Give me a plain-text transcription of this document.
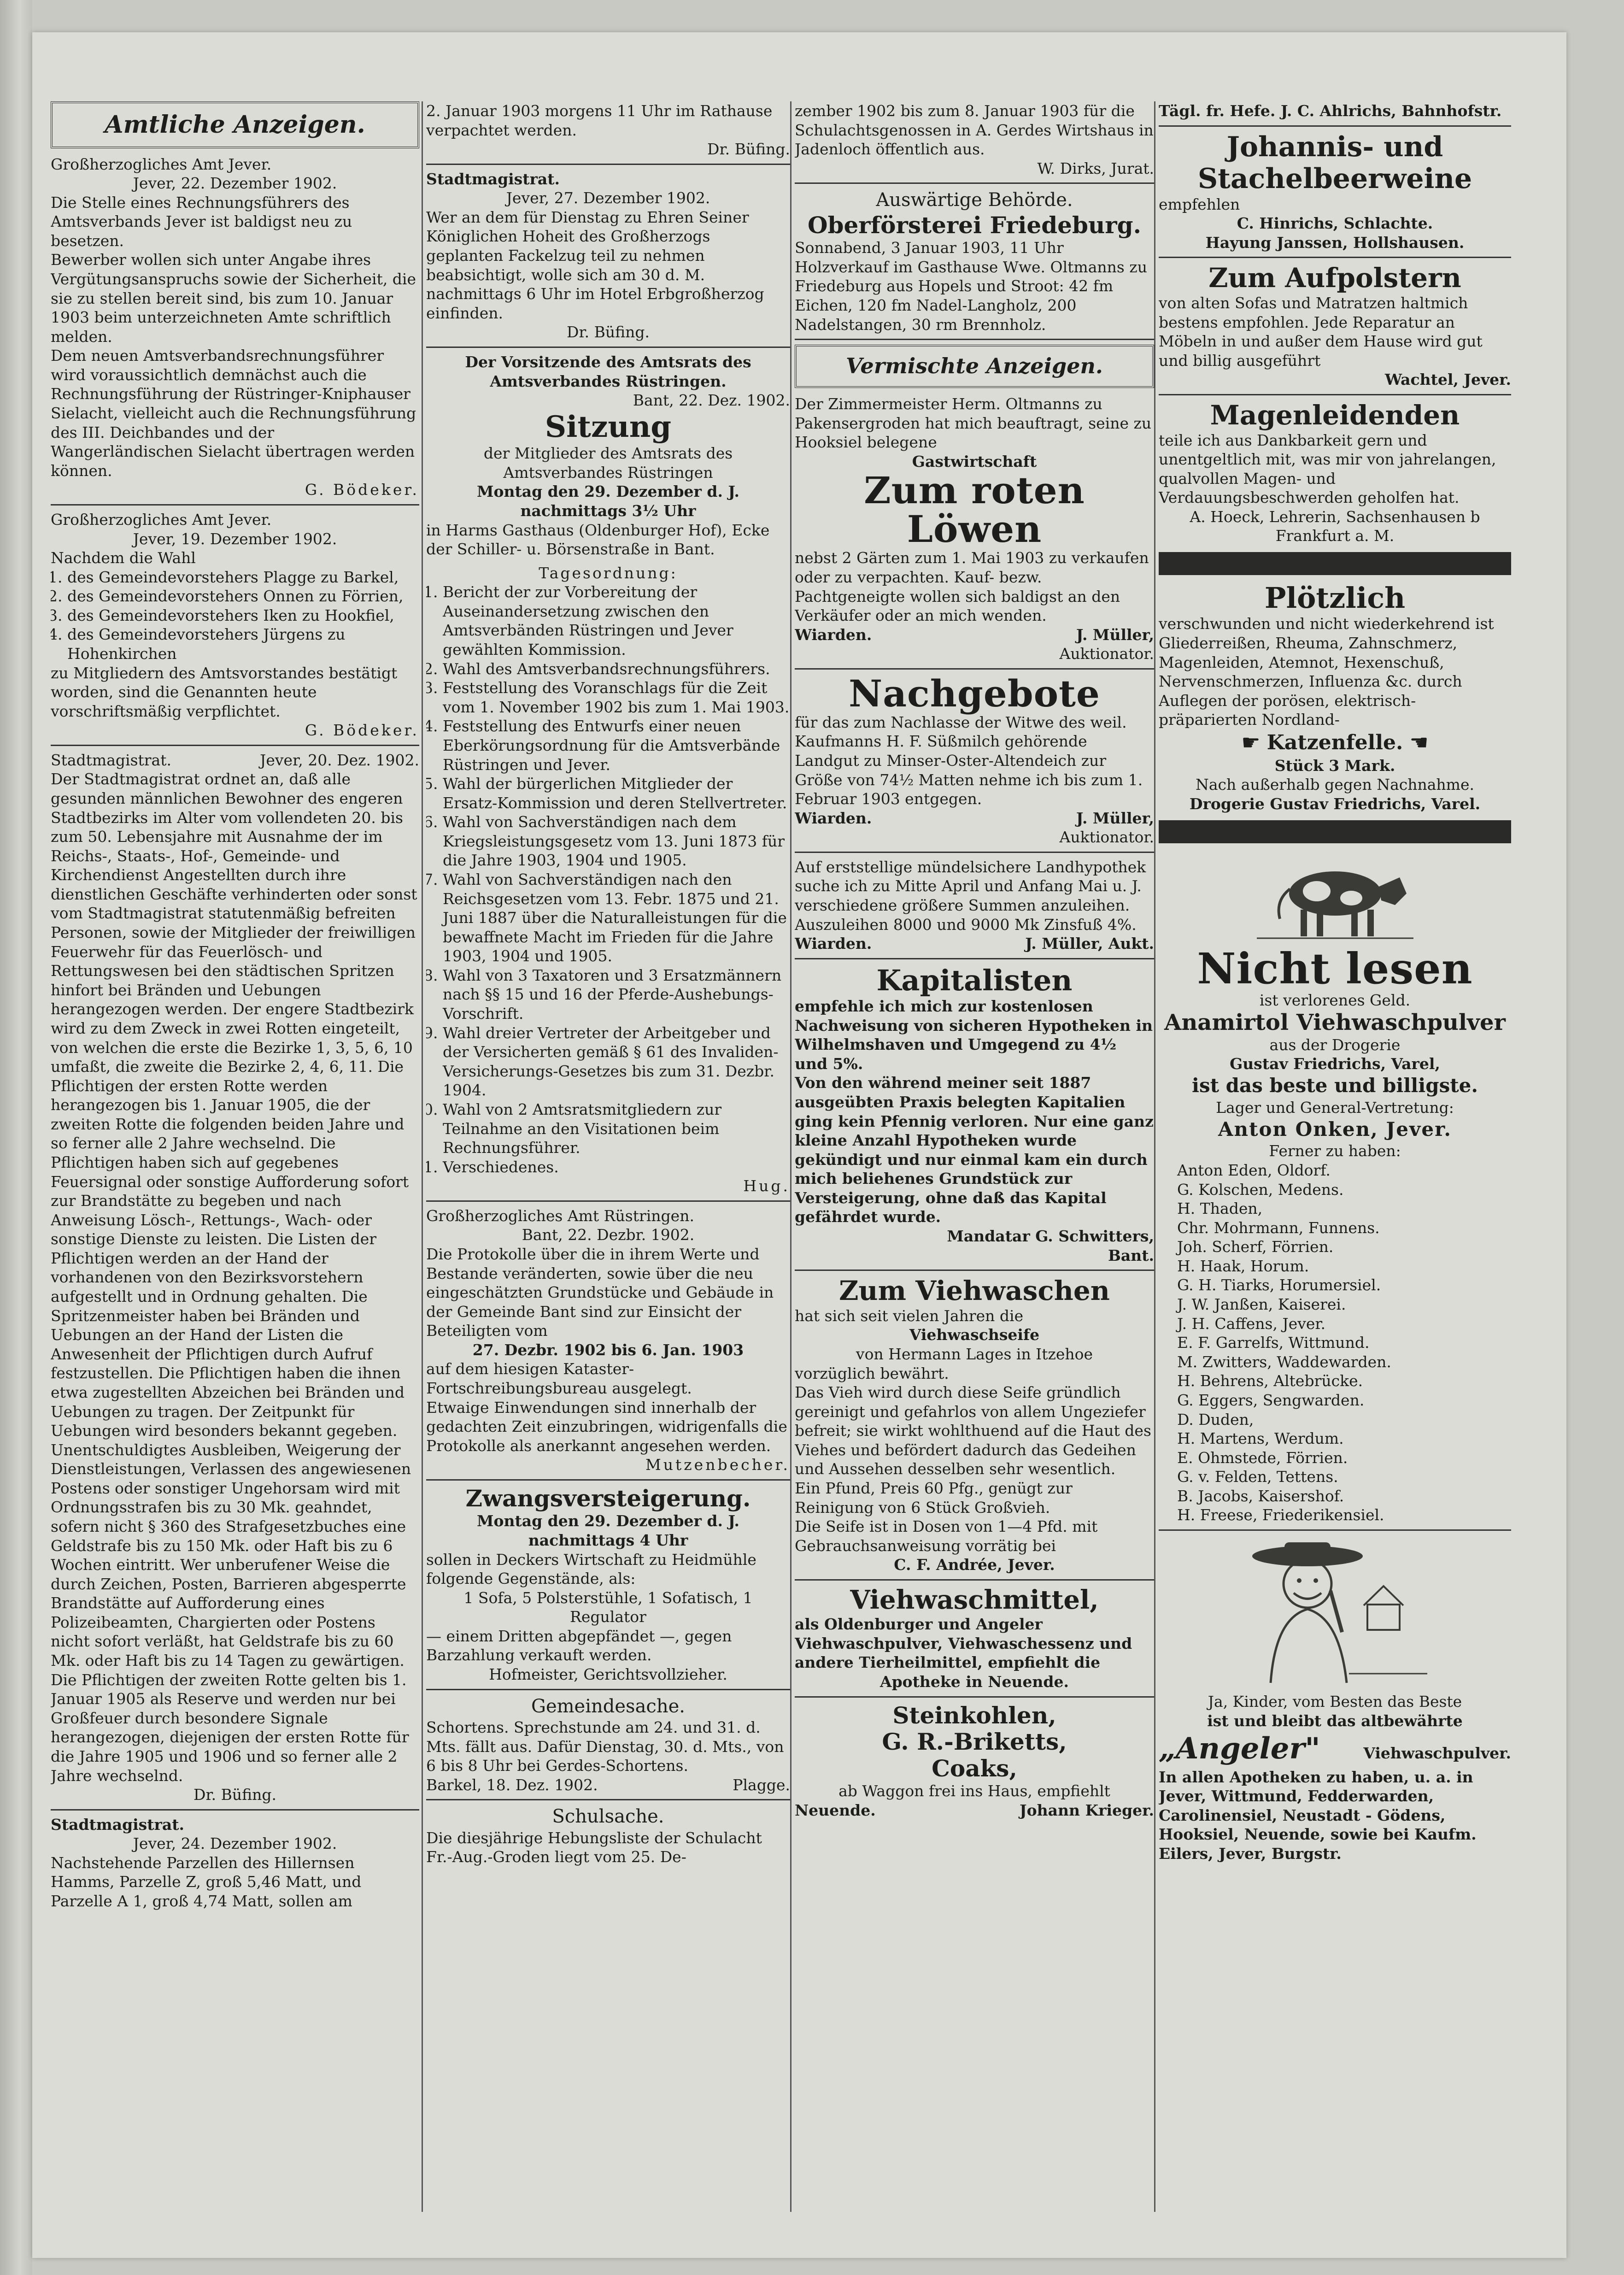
Amtliche Anzeigen.

Großherzogliches Amt Jever.

Jever, 22. Dezember 1902.

Die Stelle eines Rechnungsführers des Amtsverbands Jever ist baldigst neu zu besetzen.

Bewerber wollen sich unter Angabe ihres Vergütungsanspruchs sowie der Sicherheit, die sie zu stellen bereit sind, bis zum 10. Januar 1903 beim unterzeichneten Amte schriftlich melden.

Dem neuen Amtsverbandsrechnungsführer wird voraussichtlich demnächst auch die Rechnungsführung der Rüstringer-Kniphauser Sielacht, vielleicht auch die Rechnungsführung des III. Deichbandes und der Wangerländischen Sielacht übertragen werden können.

G. Bödeker.

Großherzogliches Amt Jever.

Jever, 19. Dezember 1902.

Nachdem die Wahl

1. des Gemeindevorstehers Plagge zu Barkel,
2. des Gemeindevorstehers Onnen zu Förrien,
3. des Gemeindevorstehers Iken zu Hookfiel,
4. des Gemeindevorstehers Jürgens zu Hohenkirchen

zu Mitgliedern des Amtsvorstandes bestätigt worden, sind die Genannten heute vorschriftsmäßig verpflichtet.

G. Bödeker.

Stadtmagistrat.	Jever, 20. Dez. 1902.

Der Stadtmagistrat ordnet an, daß alle gesunden männlichen Bewohner des engeren Stadtbezirks im Alter vom vollendeten 20. bis zum 50. Lebensjahre mit Ausnahme der im Reichs-, Staats-, Hof-, Gemeinde- und Kirchendienst Angestellten durch ihre dienstlichen Geschäfte verhinderten oder sonst vom Stadtmagistrat statutenmäßig befreiten Personen, sowie der Mitglieder der freiwilligen Feuerwehr für das Feuerlösch- und Rettungswesen bei den städtischen Spritzen hinfort bei Bränden und Uebungen herangezogen werden. Der engere Stadtbezirk wird zu dem Zweck in zwei Rotten eingeteilt, von welchen die erste die Bezirke 1, 3, 5, 6, 10 umfaßt, die zweite die Bezirke 2, 4, 6, 11. Die Pflichtigen der ersten Rotte werden herangezogen bis 1. Januar 1905, die der zweiten Rotte die folgenden beiden Jahre und so ferner alle 2 Jahre wechselnd. Die Pflichtigen haben sich auf gegebenes Feuersignal oder sonstige Aufforderung sofort zur Brandstätte zu begeben und nach Anweisung Lösch-, Rettungs-, Wach- oder sonstige Dienste zu leisten. Die Listen der Pflichtigen werden an der Hand der vorhandenen von den Bezirksvorstehern aufgestellt und in Ordnung gehalten. Die Spritzenmeister haben bei Bränden und Uebungen an der Hand der Listen die Anwesenheit der Pflichtigen durch Aufruf festzustellen. Die Pflichtigen haben die ihnen etwa zugestellten Abzeichen bei Bränden und Uebungen zu tragen. Der Zeitpunkt für Uebungen wird besonders bekannt gegeben.

Unentschuldigtes Ausbleiben, Weigerung der Dienstleistungen, Verlassen des angewiesenen Postens oder sonstiger Ungehorsam wird mit Ordnungsstrafen bis zu 30 Mk. geahndet, sofern nicht § 360 des Strafgesetzbuches eine Geldstrafe bis zu 150 Mk. oder Haft bis zu 6 Wochen eintritt. Wer unberufener Weise die durch Zeichen, Posten, Barrieren abgesperrte Brandstätte auf Aufforderung eines Polizeibeamten, Chargierten oder Postens nicht sofort verläßt, hat Geldstrafe bis zu 60 Mk. oder Haft bis zu 14 Tagen zu gewärtigen.

Die Pflichtigen der zweiten Rotte gelten bis 1. Januar 1905 als Reserve und werden nur bei Großfeuer durch besondere Signale herangezogen, diejenigen der ersten Rotte für die Jahre 1905 und 1906 und so ferner alle 2 Jahre wechselnd.

Dr. Büfing.

Stadtmagistrat.

Jever, 24. Dezember 1902.

Nachstehende Parzellen des Hillernsen Hamms, Parzelle Z, groß 5,46 Matt, und Parzelle A 1, groß 4,74 Matt, sollen am

2. Januar 1903 morgens 11 Uhr im Rathause verpachtet werden.

Dr. Büfing.

Stadtmagistrat.

Jever, 27. Dezember 1902.

Wer an dem für Dienstag zu Ehren Seiner Königlichen Hoheit des Großherzogs geplanten Fackelzug teil zu nehmen beabsichtigt, wolle sich am 30 d. M. nachmittags 6 Uhr im Hotel Erbgroßherzog einfinden.

Dr. Büfing.

Der Vorsitzende des Amtsrats des Amtsverbandes Rüstringen.

Bant, 22. Dez. 1902.

Sitzung

der Mitglieder des Amtsrats des Amtsverbandes Rüstringen

Montag den 29. Dezember d. J. nachmittags 3½ Uhr

in Harms Gasthaus (Oldenburger Hof), Ecke der Schiller- u. Börsenstraße in Bant.

Tagesordnung:

1. Bericht der zur Vorbereitung der Auseinandersetzung zwischen den Amtsverbänden Rüstringen und Jever gewählten Kommission.
2. Wahl des Amtsverbandsrechnungsführers.
3. Feststellung des Voranschlags für die Zeit vom 1. November 1902 bis zum 1. Mai 1903.
4. Feststellung des Entwurfs einer neuen Eberkörungsordnung für die Amtsverbände Rüstringen und Jever.
5. Wahl der bürgerlichen Mitglieder der Ersatz-Kommission und deren Stellvertreter.
6. Wahl von Sachverständigen nach dem Kriegsleistungsgesetz vom 13. Juni 1873 für die Jahre 1903, 1904 und 1905.
7. Wahl von Sachverständigen nach den Reichsgesetzen vom 13. Febr. 1875 und 21. Juni 1887 über die Naturalleistungen für die bewaffnete Macht im Frieden für die Jahre 1903, 1904 und 1905.
8. Wahl von 3 Taxatoren und 3 Ersatzmännern nach §§ 15 und 16 der Pferde-Aushebungs-Vorschrift.
9. Wahl dreier Vertreter der Arbeitgeber und der Versicherten gemäß § 61 des Invaliden-Versicherungs-Gesetzes bis zum 31. Dezbr. 1904.
10. Wahl von 2 Amtsratsmitgliedern zur Teilnahme an den Visitationen beim Rechnungsführer.
11. Verschiedenes.

Hug.

Großherzogliches Amt Rüstringen.

Bant, 22. Dezbr. 1902.

Die Protokolle über die in ihrem Werte und Bestande veränderten, sowie über die neu eingeschätzten Grundstücke und Gebäude in der Gemeinde Bant sind zur Einsicht der Beteiligten vom

27. Dezbr. 1902 bis 6. Jan. 1903

auf dem hiesigen Kataster-Fortschreibungsbureau ausgelegt.

Etwaige Einwendungen sind innerhalb der gedachten Zeit einzubringen, widrigenfalls die Protokolle als anerkannt angesehen werden.

Mutzenbecher.

Zwangsversteigerung.

Montag den 29. Dezember d. J. nachmittags 4 Uhr

sollen in Deckers Wirtschaft zu Heidmühle folgende Gegenstände, als:

1 Sofa, 5 Polsterstühle, 1 Sofatisch, 1 Regulator

— einem Dritten abgepfändet —, gegen Barzahlung verkauft werden.

Hofmeister, Gerichtsvollzieher.

Gemeindesache.

Schortens. Sprechstunde am 24. und 31. d. Mts. fällt aus. Dafür Dienstag, 30. d. Mts., von 6 bis 8 Uhr bei Gerdes-Schortens.

Barkel, 18. Dez. 1902.	Plagge.

Schulsache.

Die diesjährige Hebungsliste der Schulacht Fr.-Aug.-Groden liegt vom 25. De-

zember 1902 bis zum 8. Januar 1903 für die Schulachtsgenossen in A. Gerdes Wirtshaus in Jadenloch öffentlich aus.

W. Dirks, Jurat.

Auswärtige Behörde.

Oberförsterei Friedeburg.

Sonnabend, 3 Januar 1903, 11 Uhr Holzverkauf im Gasthause Wwe. Oltmanns zu Friedeburg aus Hopels und Stroot: 42 fm Eichen, 120 fm Nadel-Langholz, 200 Nadelstangen, 30 rm Brennholz.

Vermischte Anzeigen.

Der Zimmermeister Herm. Oltmanns zu Pakensergroden hat mich beauftragt, seine zu Hooksiel belegene

Gastwirtschaft

Zum roten Löwen

nebst 2 Gärten zum 1. Mai 1903 zu verkaufen oder zu verpachten. Kauf- bezw. Pachtgeneigte wollen sich baldigst an den Verkäufer oder an mich wenden.

Wiarden.	J. Müller,

Auktionator.

Nachgebote

für das zum Nachlasse der Witwe des weil. Kaufmanns H. F. Süßmilch gehörende Landgut zu Minser-Oster-Altendeich zur Größe von 74½ Matten nehme ich bis zum 1. Februar 1903 entgegen.

Wiarden.	J. Müller,

Auktionator.

Auf erststellige mündelsichere Landhypothek suche ich zu Mitte April und Anfang Mai u. J. verschiedene größere Summen anzuleihen. Auszuleihen 8000 und 9000 Mk Zinsfuß 4%.

Wiarden.	J. Müller, Aukt.
Kapitalisten

empfehle ich mich zur kostenlosen Nachweisung von sicheren Hypotheken in Wilhelmshaven und Umgegend zu 4½ und 5%.

Von den während meiner seit 1887 ausgeübten Praxis belegten Kapitalien ging kein Pfennig verloren. Nur eine ganz kleine Anzahl Hypotheken wurde gekündigt und nur einmal kam ein durch mich beliehenes Grundstück zur Versteigerung, ohne daß das Kapital gefährdet wurde.

Mandatar G. Schwitters,

Bant.

Zum Viehwaschen

hat sich seit vielen Jahren die

Viehwaschseife

von Hermann Lages in Itzehoe

vorzüglich bewährt.

Das Vieh wird durch diese Seife gründlich gereinigt und gefahrlos von allem Ungeziefer befreit; sie wirkt wohlthuend auf die Haut des Viehes und befördert dadurch das Gedeihen und Aussehen desselben sehr wesentlich.

Ein Pfund, Preis 60 Pfg., genügt zur Reinigung von 6 Stück Großvieh.

Die Seife ist in Dosen von 1—4 Pfd. mit Gebrauchsanweisung vorrätig bei

C. F. Andrée, Jever.

Viehwaschmittel,

als Oldenburger und Angeler Viehwaschpulver, Viehwaschessenz und andere Tierheilmittel, empfiehlt die

Apotheke in Neuende.

Steinkohlen,
G. R.-Briketts,
Coaks,

ab Waggon frei ins Haus, empfiehlt

Neuende.	Johann Krieger.

Tägl. fr. Hefe. J. C. Ahlrichs, Bahnhofstr.

Johannis- und Stachelbeerweine

empfehlen

C. Hinrichs, Schlachte.

Hayung Janssen, Hollshausen.

Zum Aufpolstern

von alten Sofas und Matratzen haltmich bestens empfohlen. Jede Reparatur an Möbeln in und außer dem Hause wird gut und billig ausgeführt

Wachtel, Jever.

Magenleidenden

teile ich aus Dankbarkeit gern und unentgeltlich mit, was mir von jahrelangen, qualvollen Magen- und Verdauungsbeschwerden geholfen hat.

A. Hoeck, Lehrerin, Sachsenhausen b Frankfurt a. M.

Plötzlich

verschwunden und nicht wiederkehrend ist Gliederreißen, Rheuma, Zahnschmerz, Magenleiden, Atemnot, Hexenschuß, Nervenschmerzen, Influenza &c. durch Auflegen der porösen, elektrisch-präparierten Nordland-

☛ Katzenfelle. ☚

Stück 3 Mark.

Nach außerhalb gegen Nachnahme.

Drogerie Gustav Friedrichs, Varel.

Nicht lesen

ist verlorenes Geld.

Anamirtol Viehwaschpulver

aus der Drogerie

Gustav Friedrichs, Varel,

ist das beste und billigste.

Lager und General-Vertretung:

Anton Onken, Jever.

Ferner zu haben:

Anton Eden, Oldorf.

G. Kolschen, Medens.

H. Thaden,

Chr. Mohrmann, Funnens.

Joh. Scherf, Förrien.

H. Haak, Horum.

G. H. Tiarks, Horumersiel.

J. W. Janßen, Kaiserei.

J. H. Caffens, Jever.

E. F. Garrelfs, Wittmund.

M. Zwitters, Waddewarden.

H. Behrens, Altebrücke.

G. Eggers, Sengwarden.

D. Duden,

H. Martens, Werdum.

E. Ohmstede, Förrien.

G. v. Felden, Tettens.

B. Jacobs, Kaisershof.

H. Freese, Friederikensiel.

Ja, Kinder, vom Besten das Beste

ist und bleibt das altbewährte

„Angeler"	Viehwaschpulver.

In allen Apotheken zu haben, u. a. in Jever, Wittmund, Fedderwarden, Carolinensiel, Neustadt - Gödens, Hooksiel, Neuende, sowie bei Kaufm. Eilers, Jever, Burgstr.
